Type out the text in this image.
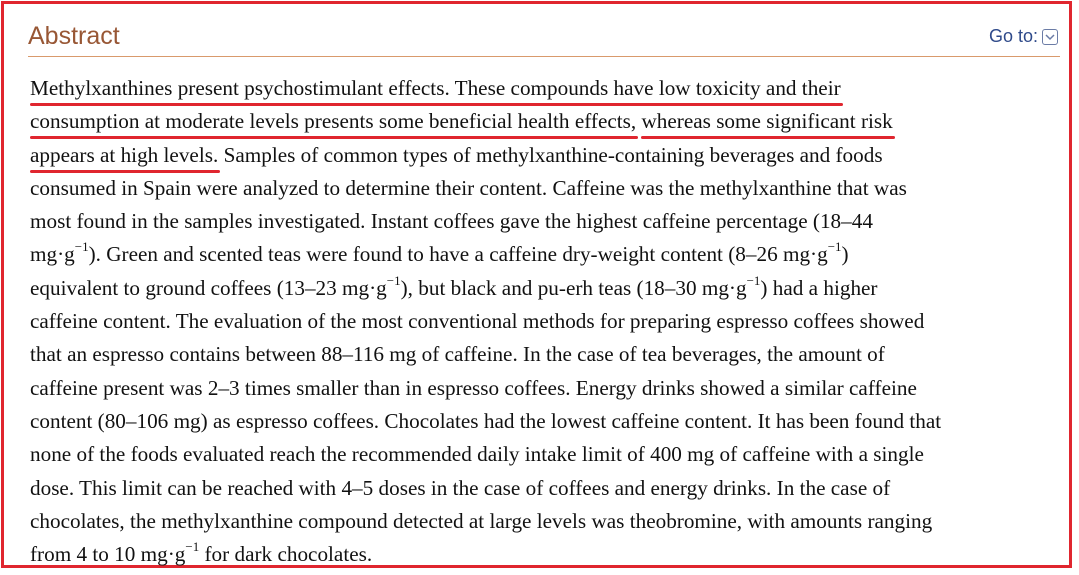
Abstract	Go to:
Methylxanthines present psychostimulant effects. These compounds have low toxicity and their
consumption at moderate levels presents some beneficial health effects, whereas some significant risk
appears at high levels. Samples of common types of methylxanthine-containing beverages and foods
consumed in Spain were analyzed to determine their content. Caffeine was the methylxanthine that was
most found in the samples investigated. Instant coffees gave the highest caffeine percentage (18–44
$mg\cdot g^{-1}$). Green and scented teas were found to have a caffeine dry-weight content (8–26 $mg\cdot g^{-1}$)
equivalent to ground coffees (13–23 $mg\cdot g^{-1}$), but black and pu-erh teas (18–30 $mg\cdot g^{-1}$) had a higher
caffeine content. The evaluation of the most conventional methods for preparing espresso coffees showed
that an espresso contains between 88–116 mg of caffeine. In the case of tea beverages, the amount of
caffeine present was 2–3 times smaller than in espresso coffees. Energy drinks showed a similar caffeine
content (80–106 mg) as espresso coffees. Chocolates had the lowest caffeine content. It has been found that
none of the foods evaluated reach the recommended daily intake limit of 400 mg of caffeine with a single
dose. This limit can be reached with 4–5 doses in the case of coffees and energy drinks. In the case of
chocolates, the methylxanthine compound detected at large levels was theobromine, with amounts ranging
from 4 to 10 $mg\cdot g^{-1}$ for dark chocolates.
